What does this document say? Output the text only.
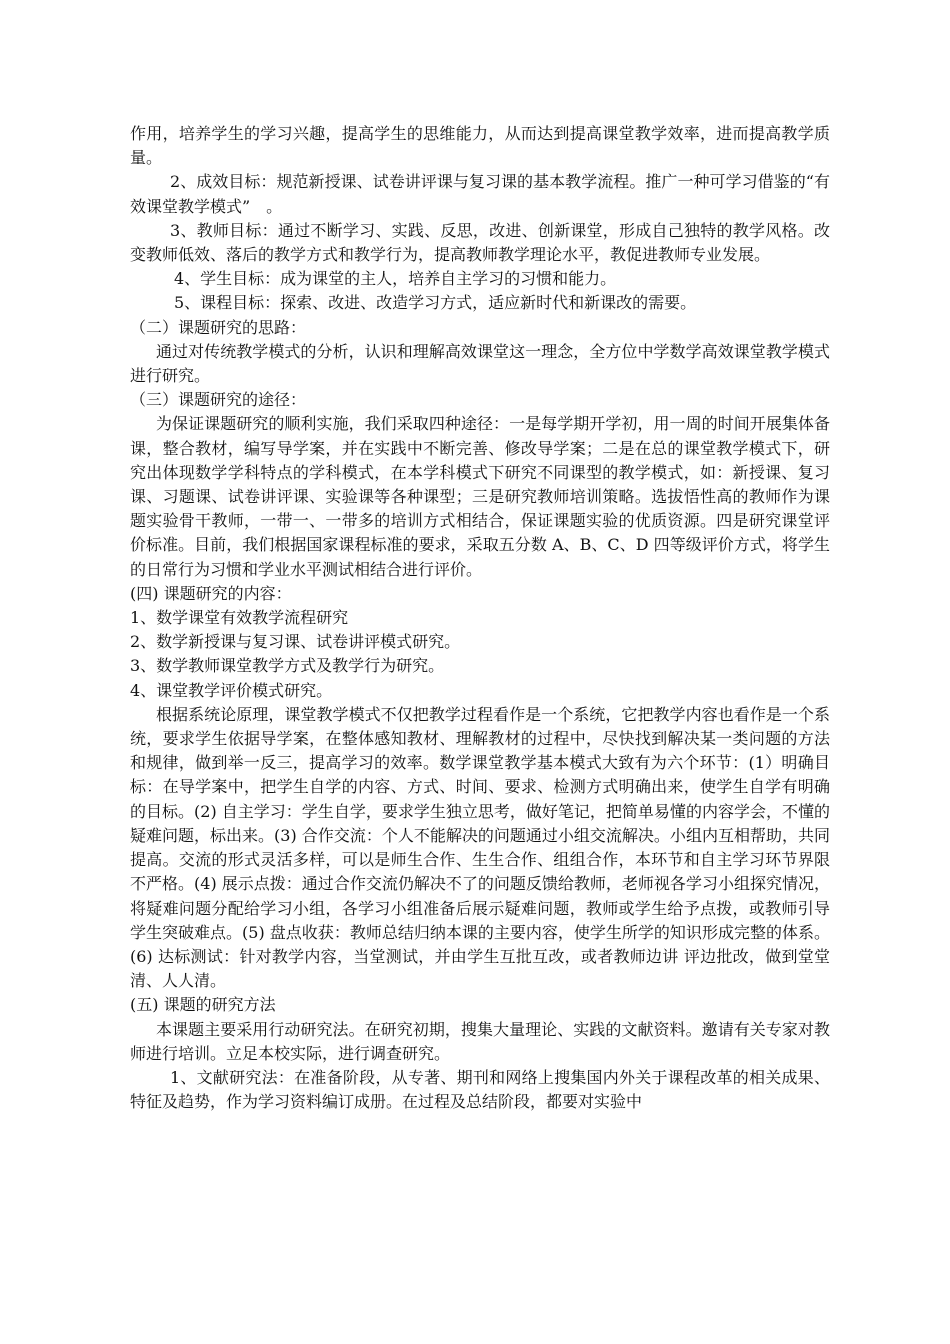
作用，培养学生的学习兴趣，提高学生的思维能力，从而达到提高课堂教学效率，进而提高教学质量。

2、成效目标：规范新授课、试卷讲评课与复习课的基本教学流程。推广一种可学习借鉴的“有效课堂教学模式”　。

3、教师目标：通过不断学习、实践、反思，改进、创新课堂，形成自己独特的教学风格。改变教师低效、落后的教学方式和教学行为，提高教师教学理论水平，教促进教师专业发展。

4、学生目标：成为课堂的主人，培养自主学习的习惯和能力。

5、课程目标：探索、改进、改造学习方式，适应新时代和新课改的需要。

（二）课题研究的思路：

通过对传统教学模式的分析，认识和理解高效课堂这一理念，全方位中学数学高效课堂教学模式进行研究。

（三）课题研究的途径：

为保证课题研究的顺利实施，我们采取四种途径：一是每学期开学初，用一周的时间开展集体备课，整合教材，编写导学案，并在实践中不断完善、修改导学案；二是在总的课堂教学模式下，研究出体现数学学科特点的学科模式，在本学科模式下研究不同课型的教学模式，如：新授课、复习课、习题课、试卷讲评课、实验课等各种课型；三是研究教师培训策略。选拔悟性高的教师作为课题实验骨干教师，一带一、一带多的培训方式相结合，保证课题实验的优质资源。四是研究课堂评价标准。目前，我们根据国家课程标准的要求，采取五分数 A、B、C、D 四等级评价方式，将学生的日常行为习惯和学业水平测试相结合进行评价。

(四) 课题研究的内容：

1、数学课堂有效教学流程研究

2、数学新授课与复习课、试卷讲评模式研究。

3、数学教师课堂教学方式及教学行为研究。

4、课堂教学评价模式研究。

根据系统论原理，课堂教学模式不仅把教学过程看作是一个系统，它把教学内容也看作是一个系统，要求学生依据导学案，在整体感知教材、理解教材的过程中，尽快找到解决某一类问题的方法和规律，做到举一反三，提高学习的效率。数学课堂教学基本模式大致有为六个环节：(1）明确目标：在导学案中，把学生自学的内容、方式、时间、要求、检测方式明确出来，使学生自学有明确的目标。(2) 自主学习：学生自学，要求学生独立思考，做好笔记，把简单易懂的内容学会，不懂的疑难问题，标出来。(3) 合作交流：个人不能解决的问题通过小组交流解决。小组内互相帮助，共同提高。交流的形式灵活多样，可以是师生合作、生生合作、组组合作，本环节和自主学习环节界限不严格。(4) 展示点拨：通过合作交流仍解决不了的问题反馈给教师，老师视各学习小组探究情况，将疑难问题分配给学习小组，各学习小组准备后展示疑难问题，教师或学生给予点拨，或教师引导学生突破难点。(5) 盘点收获：教师总结归纳本课的主要内容，使学生所学的知识形成完整的体系。(6) 达标测试：针对教学内容，当堂测试，并由学生互批互改，或者教师边讲 评边批改，做到堂堂清、人人清。

(五) 课题的研究方法

本课题主要采用行动研究法。在研究初期，搜集大量理论、实践的文献资料。邀请有关专家对教师进行培训。立足本校实际，进行调查研究。

1、文献研究法：在准备阶段，从专著、期刊和网络上搜集国内外关于课程改革的相关成果、特征及趋势，作为学习资料编订成册。在过程及总结阶段，都要对实验中
